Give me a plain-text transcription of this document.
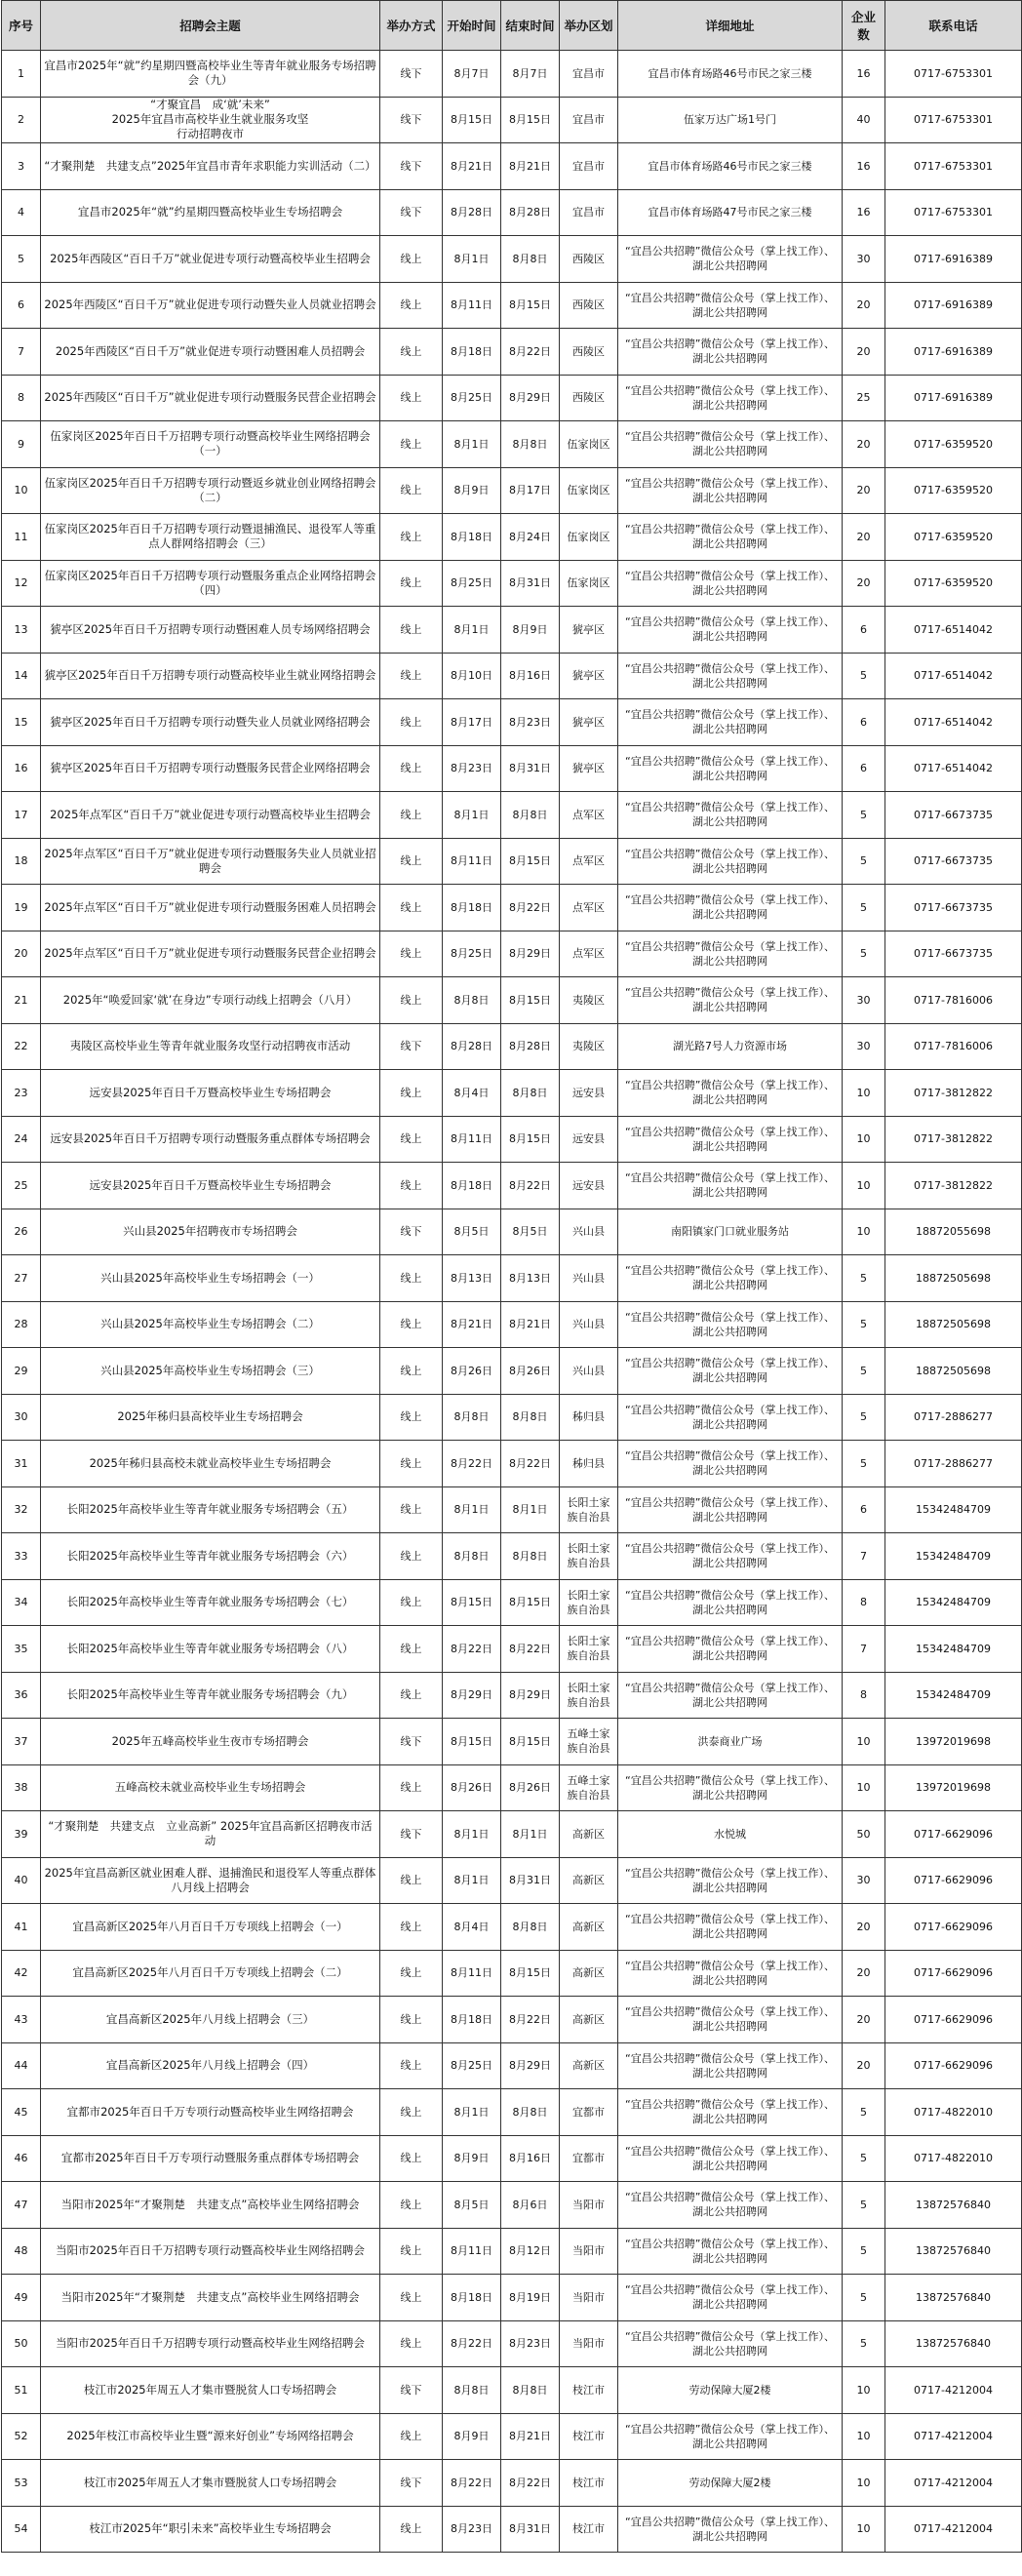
序号	招聘会主题	举办方式	开始时间	结束时间	举办区划	详细地址	企业数	联系电话
1	宜昌市2025年“就”约星期四暨高校毕业生等青年就业服务专场招聘会（九）	线下	8月7日	8月7日	宜昌市	宜昌市体育场路46号市民之家三楼	16	0717-6753301
2	“才聚宜昌　成‘就’未来”
2025年宜昌市高校毕业生就业服务攻坚
行动招聘夜市	线下	8月15日	8月15日	宜昌市	伍家万达广场1号门	40	0717-6753301
3	“才聚荆楚　共建支点”2025年宜昌市青年求职能力实训活动（二）	线下	8月21日	8月21日	宜昌市	宜昌市体育场路46号市民之家三楼	16	0717-6753301
4	宜昌市2025年“就”约星期四暨高校毕业生专场招聘会	线下	8月28日	8月28日	宜昌市	宜昌市体育场路47号市民之家三楼	16	0717-6753301
5	2025年西陵区“百日千万”就业促进专项行动暨高校毕业生招聘会	线上	8月1日	8月8日	西陵区	“宜昌公共招聘”微信公众号（掌上找工作）、湖北公共招聘网	30	0717-6916389
6	2025年西陵区“百日千万”就业促进专项行动暨失业人员就业招聘会	线上	8月11日	8月15日	西陵区	“宜昌公共招聘”微信公众号（掌上找工作）、湖北公共招聘网	20	0717-6916389
7	2025年西陵区“百日千万”就业促进专项行动暨困难人员招聘会	线上	8月18日	8月22日	西陵区	“宜昌公共招聘”微信公众号（掌上找工作）、湖北公共招聘网	20	0717-6916389
8	2025年西陵区“百日千万”就业促进专项行动暨服务民营企业招聘会	线上	8月25日	8月29日	西陵区	“宜昌公共招聘”微信公众号（掌上找工作）、湖北公共招聘网	25	0717-6916389
9	伍家岗区2025年百日千万招聘专项行动暨高校毕业生网络招聘会（一）	线上	8月1日	8月8日	伍家岗区	“宜昌公共招聘”微信公众号（掌上找工作）、湖北公共招聘网	20	0717-6359520
10	伍家岗区2025年百日千万招聘专项行动暨返乡就业创业网络招聘会（二）	线上	8月9日	8月17日	伍家岗区	“宜昌公共招聘”微信公众号（掌上找工作）、湖北公共招聘网	20	0717-6359520
11	伍家岗区2025年百日千万招聘专项行动暨退捕渔民、退役军人等重点人群网络招聘会（三）	线上	8月18日	8月24日	伍家岗区	“宜昌公共招聘”微信公众号（掌上找工作）、湖北公共招聘网	20	0717-6359520
12	伍家岗区2025年百日千万招聘专项行动暨服务重点企业网络招聘会（四）	线上	8月25日	8月31日	伍家岗区	“宜昌公共招聘”微信公众号（掌上找工作）、湖北公共招聘网	20	0717-6359520
13	猇亭区2025年百日千万招聘专项行动暨困难人员专场网络招聘会	线上	8月1日	8月9日	猇亭区	“宜昌公共招聘”微信公众号（掌上找工作）、湖北公共招聘网	6	0717-6514042
14	猇亭区2025年百日千万招聘专项行动暨高校毕业生就业网络招聘会	线上	8月10日	8月16日	猇亭区	“宜昌公共招聘”微信公众号（掌上找工作）、湖北公共招聘网	5	0717-6514042
15	猇亭区2025年百日千万招聘专项行动暨失业人员就业网络招聘会	线上	8月17日	8月23日	猇亭区	“宜昌公共招聘”微信公众号（掌上找工作）、湖北公共招聘网	6	0717-6514042
16	猇亭区2025年百日千万招聘专项行动暨服务民营企业网络招聘会	线上	8月23日	8月31日	猇亭区	“宜昌公共招聘”微信公众号（掌上找工作）、湖北公共招聘网	6	0717-6514042
17	2025年点军区“百日千万”就业促进专项行动暨高校毕业生招聘会	线上	8月1日	8月8日	点军区	“宜昌公共招聘”微信公众号（掌上找工作）、湖北公共招聘网	5	0717-6673735
18	2025年点军区“百日千万”就业促进专项行动暨服务失业人员就业招聘会	线上	8月11日	8月15日	点军区	“宜昌公共招聘”微信公众号（掌上找工作）、湖北公共招聘网	5	0717-6673735
19	2025年点军区“百日千万”就业促进专项行动暨服务困难人员招聘会	线上	8月18日	8月22日	点军区	“宜昌公共招聘”微信公众号（掌上找工作）、湖北公共招聘网	5	0717-6673735
20	2025年点军区“百日千万”就业促进专项行动暨服务民营企业招聘会	线上	8月25日	8月29日	点军区	“宜昌公共招聘”微信公众号（掌上找工作）、湖北公共招聘网	5	0717-6673735
21	2025年“唤爱回家‘就’在身边”专项行动线上招聘会（八月）	线上	8月8日	8月15日	夷陵区	“宜昌公共招聘”微信公众号（掌上找工作）、湖北公共招聘网	30	0717-7816006
22	夷陵区高校毕业生等青年就业服务攻坚行动招聘夜市活动	线下	8月28日	8月28日	夷陵区	湖光路7号人力资源市场	30	0717-7816006
23	远安县2025年百日千万暨高校毕业生专场招聘会	线上	8月4日	8月8日	远安县	“宜昌公共招聘”微信公众号（掌上找工作）、湖北公共招聘网	10	0717-3812822
24	远安县2025年百日千万招聘专项行动暨服务重点群体专场招聘会	线上	8月11日	8月15日	远安县	“宜昌公共招聘”微信公众号（掌上找工作）、湖北公共招聘网	10	0717-3812822
25	远安县2025年百日千万暨高校毕业生专场招聘会	线上	8月18日	8月22日	远安县	“宜昌公共招聘”微信公众号（掌上找工作）、湖北公共招聘网	10	0717-3812822
26	兴山县2025年招聘夜市专场招聘会	线下	8月5日	8月5日	兴山县	南阳镇家门口就业服务站	10	18872055698
27	兴山县2025年高校毕业生专场招聘会（一）	线上	8月13日	8月13日	兴山县	“宜昌公共招聘”微信公众号（掌上找工作）、湖北公共招聘网	5	18872505698
28	兴山县2025年高校毕业生专场招聘会（二）	线上	8月21日	8月21日	兴山县	“宜昌公共招聘”微信公众号（掌上找工作）、湖北公共招聘网	5	18872505698
29	兴山县2025年高校毕业生专场招聘会（三）	线上	8月26日	8月26日	兴山县	“宜昌公共招聘”微信公众号（掌上找工作）、湖北公共招聘网	5	18872505698
30	2025年秭归县高校毕业生专场招聘会	线上	8月8日	8月8日	秭归县	“宜昌公共招聘”微信公众号（掌上找工作）、湖北公共招聘网	5	0717-2886277
31	2025年秭归县高校未就业高校毕业生专场招聘会	线上	8月22日	8月22日	秭归县	“宜昌公共招聘”微信公众号（掌上找工作）、湖北公共招聘网	5	0717-2886277
32	长阳2025年高校毕业生等青年就业服务专场招聘会（五）	线上	8月1日	8月1日	长阳土家族自治县	“宜昌公共招聘”微信公众号（掌上找工作）、湖北公共招聘网	6	15342484709
33	长阳2025年高校毕业生等青年就业服务专场招聘会（六）	线上	8月8日	8月8日	长阳土家族自治县	“宜昌公共招聘”微信公众号（掌上找工作）、湖北公共招聘网	7	15342484709
34	长阳2025年高校毕业生等青年就业服务专场招聘会（七）	线上	8月15日	8月15日	长阳土家族自治县	“宜昌公共招聘”微信公众号（掌上找工作）、湖北公共招聘网	8	15342484709
35	长阳2025年高校毕业生等青年就业服务专场招聘会（八）	线上	8月22日	8月22日	长阳土家族自治县	“宜昌公共招聘”微信公众号（掌上找工作）、湖北公共招聘网	7	15342484709
36	长阳2025年高校毕业生等青年就业服务专场招聘会（九）	线上	8月29日	8月29日	长阳土家族自治县	“宜昌公共招聘”微信公众号（掌上找工作）、湖北公共招聘网	8	15342484709
37	2025年五峰高校毕业生夜市专场招聘会	线下	8月15日	8月15日	五峰土家族自治县	洪泰商业广场	10	13972019698
38	五峰高校未就业高校毕业生专场招聘会	线上	8月26日	8月26日	五峰土家族自治县	“宜昌公共招聘”微信公众号（掌上找工作）、湖北公共招聘网	10	13972019698
39	“才聚荆楚　共建支点　立业高新” 2025年宜昌高新区招聘夜市活动	线下	8月1日	8月1日	高新区	水悦城	50	0717-6629096
40	2025年宜昌高新区就业困难人群、退捕渔民和退役军人等重点群体八月线上招聘会	线上	8月1日	8月31日	高新区	“宜昌公共招聘”微信公众号（掌上找工作）、湖北公共招聘网	30	0717-6629096
41	宜昌高新区2025年八月百日千万专项线上招聘会（一）	线上	8月4日	8月8日	高新区	“宜昌公共招聘”微信公众号（掌上找工作）、湖北公共招聘网	20	0717-6629096
42	宜昌高新区2025年八月百日千万专项线上招聘会（二）	线上	8月11日	8月15日	高新区	“宜昌公共招聘”微信公众号（掌上找工作）、湖北公共招聘网	20	0717-6629096
43	宜昌高新区2025年八月线上招聘会（三）	线上	8月18日	8月22日	高新区	“宜昌公共招聘”微信公众号（掌上找工作）、湖北公共招聘网	20	0717-6629096
44	宜昌高新区2025年八月线上招聘会（四）	线上	8月25日	8月29日	高新区	“宜昌公共招聘”微信公众号（掌上找工作）、湖北公共招聘网	20	0717-6629096
45	宜都市2025年百日千万专项行动暨高校毕业生网络招聘会	线上	8月1日	8月8日	宜都市	“宜昌公共招聘”微信公众号（掌上找工作）、湖北公共招聘网	5	0717-4822010
46	宜都市2025年百日千万专项行动暨服务重点群体专场招聘会	线上	8月9日	8月16日	宜都市	“宜昌公共招聘”微信公众号（掌上找工作）、湖北公共招聘网	5	0717-4822010
47	当阳市2025年“才聚荆楚　共建支点”高校毕业生网络招聘会	线上	8月5日	8月6日	当阳市	“宜昌公共招聘”微信公众号（掌上找工作）、湖北公共招聘网	5	13872576840
48	当阳市2025年百日千万招聘专项行动暨高校毕业生网络招聘会	线上	8月11日	8月12日	当阳市	“宜昌公共招聘”微信公众号（掌上找工作）、湖北公共招聘网	5	13872576840
49	当阳市2025年“才聚荆楚　共建支点”高校毕业生网络招聘会	线上	8月18日	8月19日	当阳市	“宜昌公共招聘”微信公众号（掌上找工作）、湖北公共招聘网	5	13872576840
50	当阳市2025年百日千万招聘专项行动暨高校毕业生网络招聘会	线上	8月22日	8月23日	当阳市	“宜昌公共招聘”微信公众号（掌上找工作）、湖北公共招聘网	5	13872576840
51	枝江市2025年周五人才集市暨脱贫人口专场招聘会	线下	8月8日	8月8日	枝江市	劳动保障大厦2楼	10	0717-4212004
52	2025年枝江市高校毕业生暨“源来好创业”专场网络招聘会	线上	8月9日	8月21日	枝江市	“宜昌公共招聘”微信公众号（掌上找工作）、湖北公共招聘网	10	0717-4212004
53	枝江市2025年周五人才集市暨脱贫人口专场招聘会	线下	8月22日	8月22日	枝江市	劳动保障大厦2楼	10	0717-4212004
54	枝江市2025年“职引未来”高校毕业生专场招聘会	线上	8月23日	8月31日	枝江市	“宜昌公共招聘”微信公众号（掌上找工作）、湖北公共招聘网	10	0717-4212004
